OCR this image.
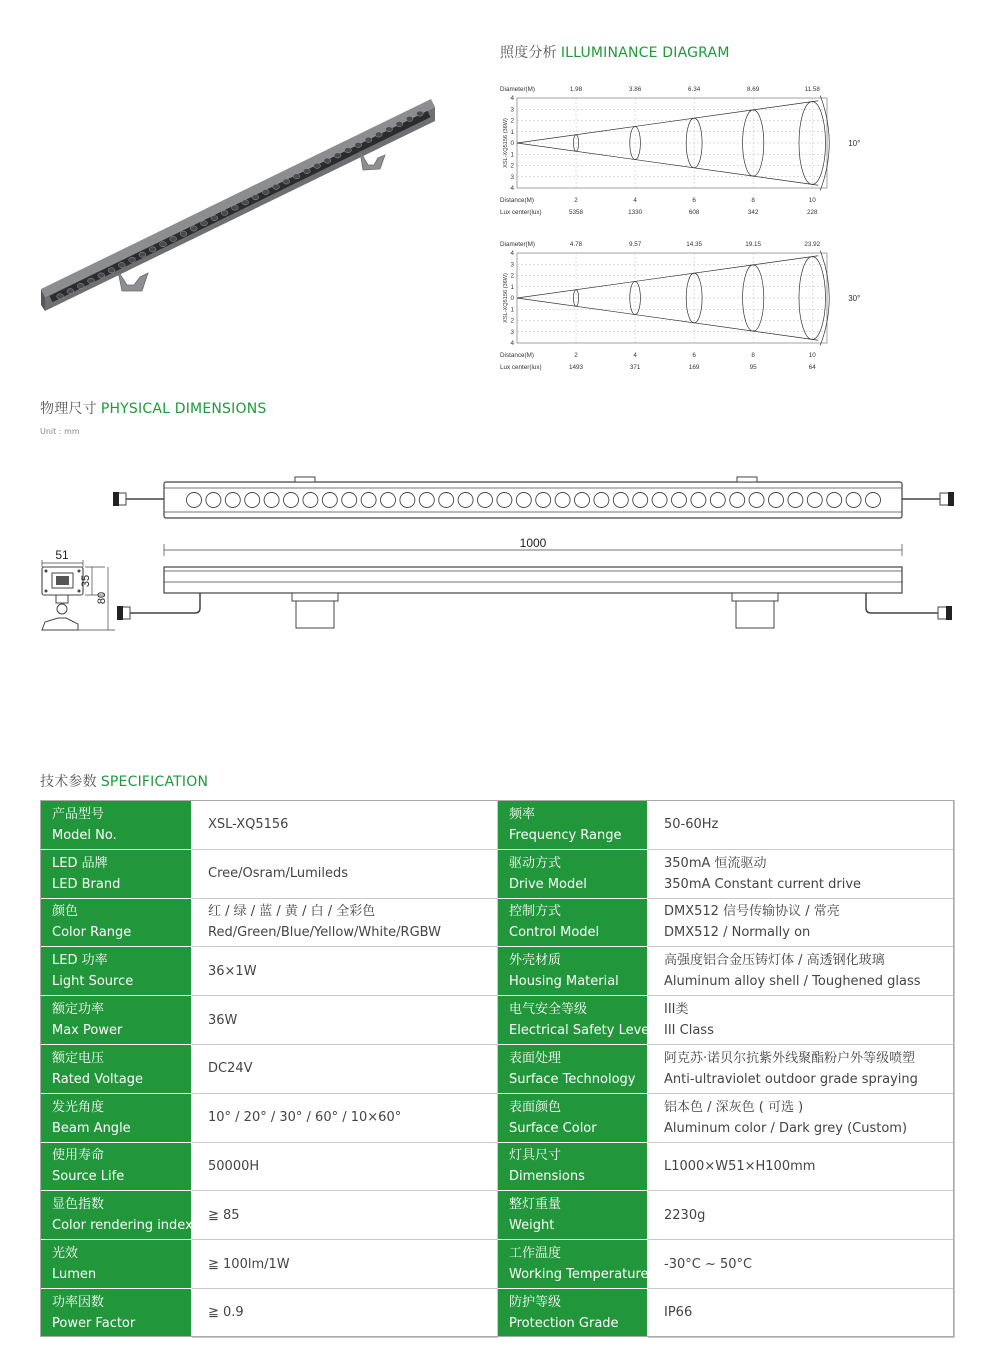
照度分析 ILLUMINANCE DIAGRAM
物理尺寸 PHYSICAL DIMENSIONS
Unit : mm
技术参数 SPECIFICATION
Diameter(M)
Distance(M)
Lux center(lux)
1.98	3.86	6.34	8.69	11.58
2	4	6	8	10
5358	1330	608	342	228
4
3
2
1
0
1
2
3
4
XSL-XQ5156 (36W)	10°
Diameter(M)
Distance(M)
Lux center(lux)
4.78	9.57	14.35	19.15	23.92
2	4	6	8	10
1493	371	169	95	64
4
3
2
1
0
1
2
3
4
XSL-XQ5156 (36W)	30°
1000
51
35
80
产品型号
Model No.	XSL-XQ5156	频率
Frequency Range	50-60Hz

LED 品牌
LED Brand	Cree/Osram/Lumileds	驱动方式
Drive Model	350mA 恒流驱动
350mA Constant current drive

颜色
Color Range	红 / 绿 / 蓝 / 黄 / 白 / 全彩色
Red/Green/Blue/Yellow/White/RGBW	控制方式
Control Model	DMX512 信号传输协议 / 常亮
DMX512 / Normally on

LED 功率
Light Source	36×1W	外壳材质
Housing Material	高强度铝合金压铸灯体 / 高透钢化玻璃
Aluminum alloy shell / Toughened glass

额定功率
Max Power	36W	电气安全等级
Electrical Safety Level	III类
III Class

额定电压
Rated Voltage	DC24V	表面处理
Surface Technology	阿克苏·诺贝尔抗紫外线聚酯粉户外等级喷塑
Anti-ultraviolet outdoor grade spraying

发光角度
Beam Angle	10° / 20° / 30° / 60° / 10×60°	表面颜色
Surface Color	铝本色 / 深灰色 ( 可选 )
Aluminum color / Dark grey (Custom)

使用寿命
Source Life	50000H	灯具尺寸
Dimensions	L1000×W51×H100mm

显色指数
Color rendering index	≧ 85	整灯重量
Weight	2230g

光效
Lumen	≧ 100lm/1W	工作温度
Working Temperature	-30°C ~ 50°C

功率因数
Power Factor	≧ 0.9	防护等级
Protection Grade	IP66
